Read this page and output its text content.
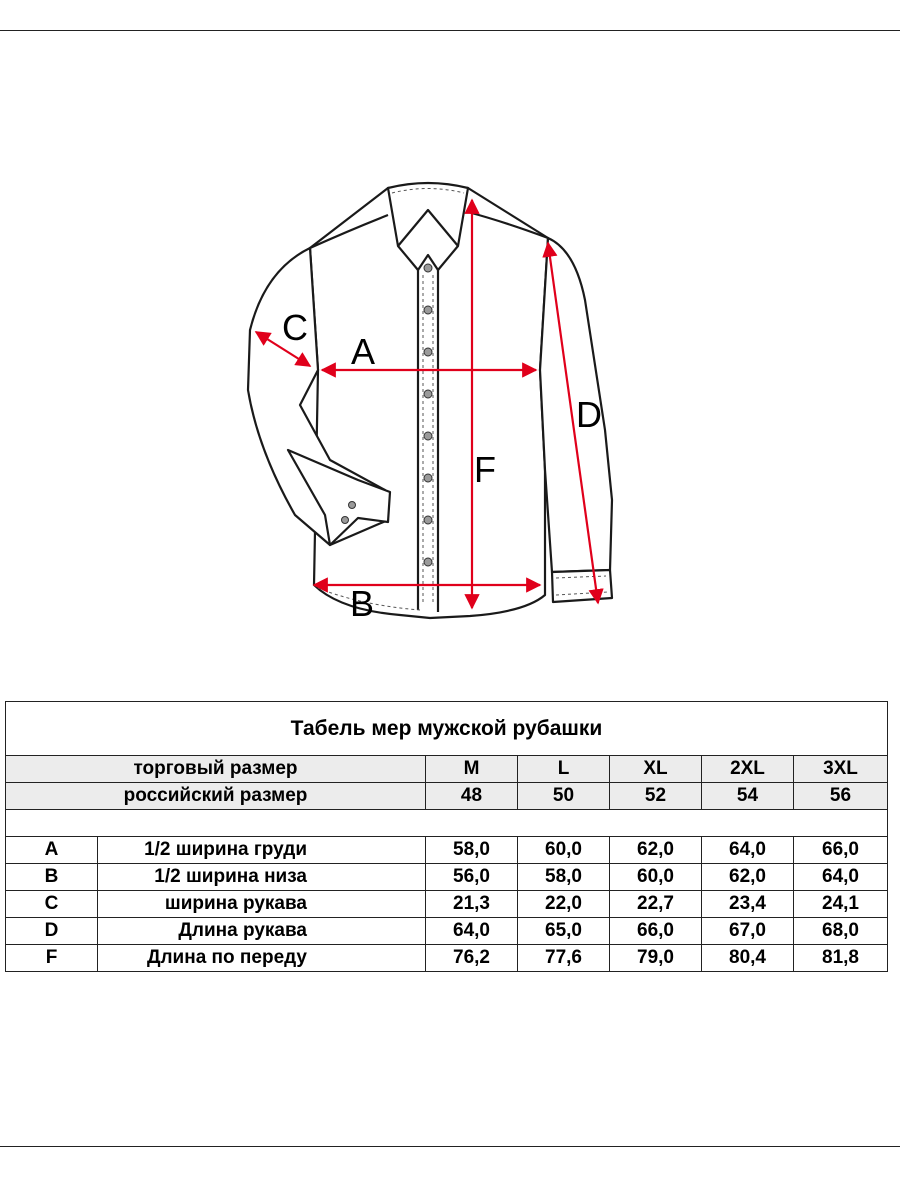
A
B
C
D
F
Табель мер мужской рубашки						
торговый размер		M	L	XL	2XL	3XL
российский размер		48	50	52	54	56

A	1/2 ширина груди	58,0	60,0	62,0	64,0	66,0
B	1/2 ширина низа	56,0	58,0	60,0	62,0	64,0
C	ширина рукава	21,3	22,0	22,7	23,4	24,1
D	Длина рукава	64,0	65,0	66,0	67,0	68,0
F	Длина по переду	76,2	77,6	79,0	80,4	81,8
